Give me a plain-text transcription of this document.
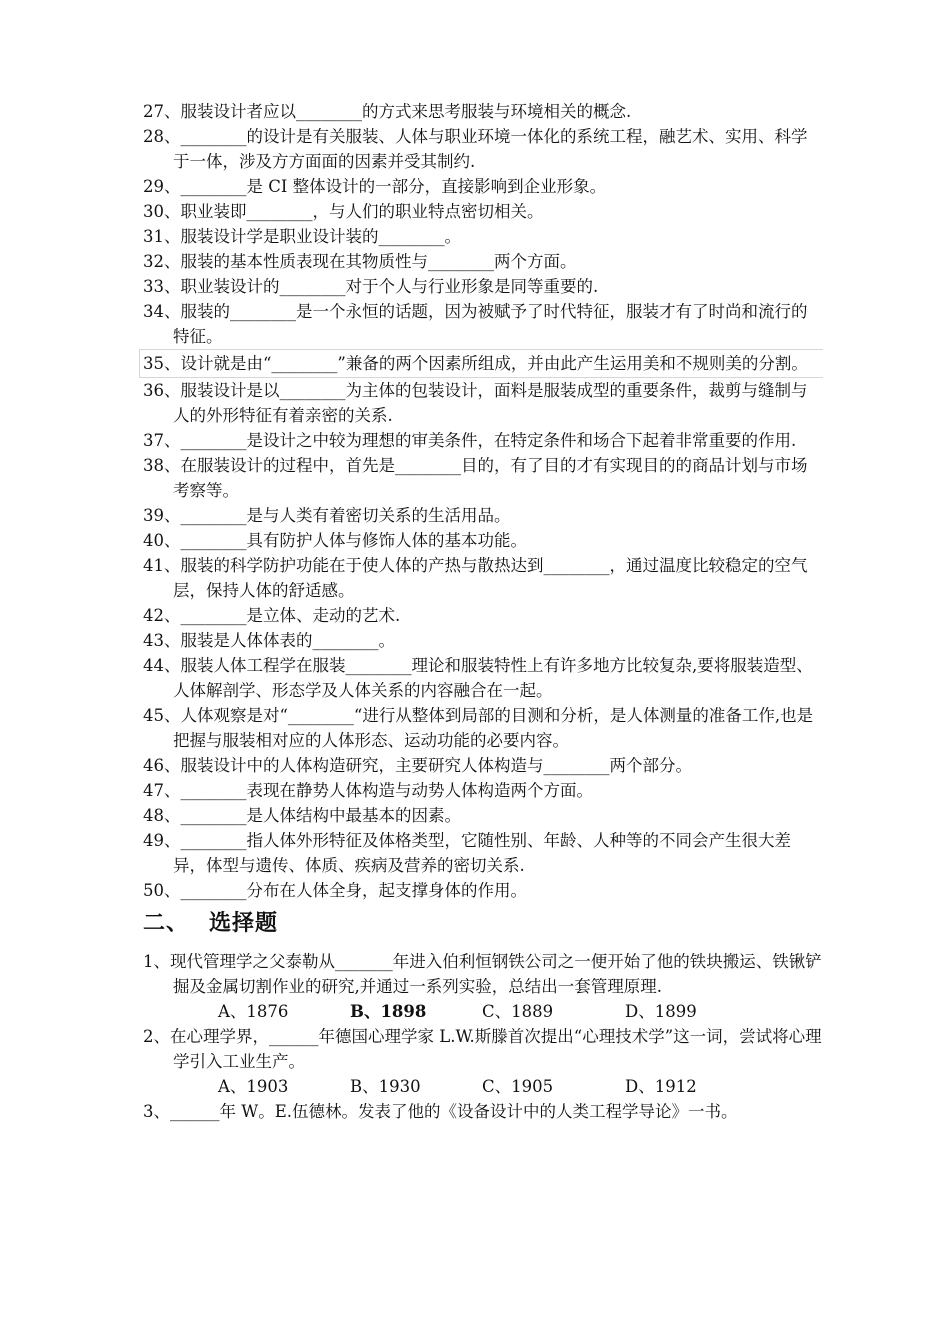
27、服装设计者应以________的方式来思考服装与环境相关的概念.
28、________的设计是有关服装、人体与职业环境一体化的系统工程，融艺术、实用、科学于一体，涉及方方面面的因素并受其制约.
29、________是 CI 整体设计的一部分，直接影响到企业形象。
30、职业装即________，与人们的职业特点密切相关。
31、服装设计学是职业设计装的________。
32、服装的基本性质表现在其物质性与________两个方面。
33、职业装设计的________对于个人与行业形象是同等重要的.
34、服装的________是一个永恒的话题，因为被赋予了时代特征，服装才有了时尚和流行的特征。
35、设计就是由“________”兼备的两个因素所组成，并由此产生运用美和不规则美的分割。
36、服装设计是以________为主体的包装设计，面料是服装成型的重要条件，裁剪与缝制与人的外形特征有着亲密的关系.
37、________是设计之中较为理想的审美条件，在特定条件和场合下起着非常重要的作用.
38、在服装设计的过程中，首先是________目的，有了目的才有实现目的的商品计划与市场考察等。
39、________是与人类有着密切关系的生活用品。
40、________具有防护人体与修饰人体的基本功能。
41、服装的科学防护功能在于使人体的产热与散热达到________，通过温度比较稳定的空气层，保持人体的舒适感。
42、________是立体、走动的艺术.
43、服装是人体体表的________。
44、服装人体工程学在服装________理论和服装特性上有许多地方比较复杂,要将服装造型、人体解剖学、形态学及人体关系的内容融合在一起。
45、人体观察是对“________“进行从整体到局部的目测和分析，是人体测量的准备工作,也是把握与服装相对应的人体形态、运动功能的必要内容。
46、服装设计中的人体构造研究，主要研究人体构造与________两个部分。
47、________表现在静势人体构造与动势人体构造两个方面。
48、________是人体结构中最基本的因素。
49、________指人体外形特征及体格类型，它随性别、年龄、人种等的不同会产生很大差异，体型与遗传、体质、疾病及营养的密切关系.
50、________分布在人体全身，起支撑身体的作用。
二、 选择题
1、现代管理学之父泰勒从_______年进入伯利恒钢铁公司之一便开始了他的铁块搬运、铁锹铲掘及金属切割作业的研究,并通过一系列实验，总结出一套管理原理.
A、1876	B、1898	C、1889	D、1899
2、在心理学界，______年德国心理学家 L.W.斯滕首次提出“心理技术学”这一词，尝试将心理学引入工业生产。
A、1903	B、1930	C、1905	D、1912
3、______年 W。E.伍德林。发表了他的《设备设计中的人类工程学导论》一书。
